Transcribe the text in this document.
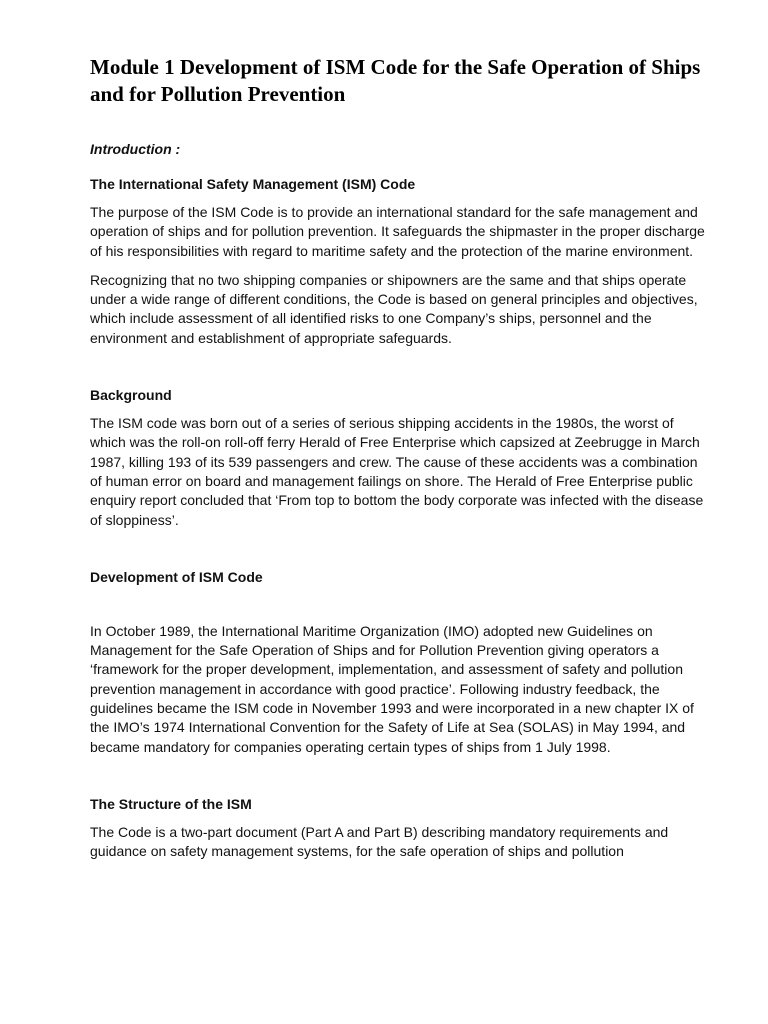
Module 1 Development of ISM Code for the Safe Operation of Ships and for Pollution Prevention

Introduction :

The International Safety Management (ISM) Code

The purpose of the ISM Code is to provide an international standard for the safe management and operation of ships and for pollution prevention. It safeguards the shipmaster in the proper discharge of his responsibilities with regard to maritime safety and the protection of the marine environment.

Recognizing that no two shipping companies or shipowners are the same and that ships operate under a wide range of different conditions, the Code is based on general principles and objectives, which include assessment of all identified risks to one Company’s ships, personnel and the environment and establishment of appropriate safeguards.

Background

The ISM code was born out of a series of serious shipping accidents in the 1980s, the worst of which was the roll-on roll-off ferry Herald of Free Enterprise which capsized at Zeebrugge in March 1987, killing 193 of its 539 passengers and crew. The cause of these accidents was a combination of human error on board and management failings on shore. The Herald of Free Enterprise public enquiry report concluded that ‘From top to bottom the body corporate was infected with the disease of sloppiness’.

Development of ISM Code

In October 1989, the International Maritime Organization (IMO) adopted new Guidelines on Management for the Safe Operation of Ships and for Pollution Prevention giving operators a ‘framework for the proper development, implementation, and assessment of safety and pollution prevention management in accordance with good practice’. Following industry feedback, the guidelines became the ISM code in November 1993 and were incorporated in a new chapter IX of the IMO’s 1974 International Convention for the Safety of Life at Sea (SOLAS) in May 1994, and became mandatory for companies operating certain types of ships from 1 July 1998.

The Structure of the ISM

The Code is a two-part document (Part A and Part B) describing mandatory requirements and guidance on safety management systems, for the safe operation of ships and pollution
